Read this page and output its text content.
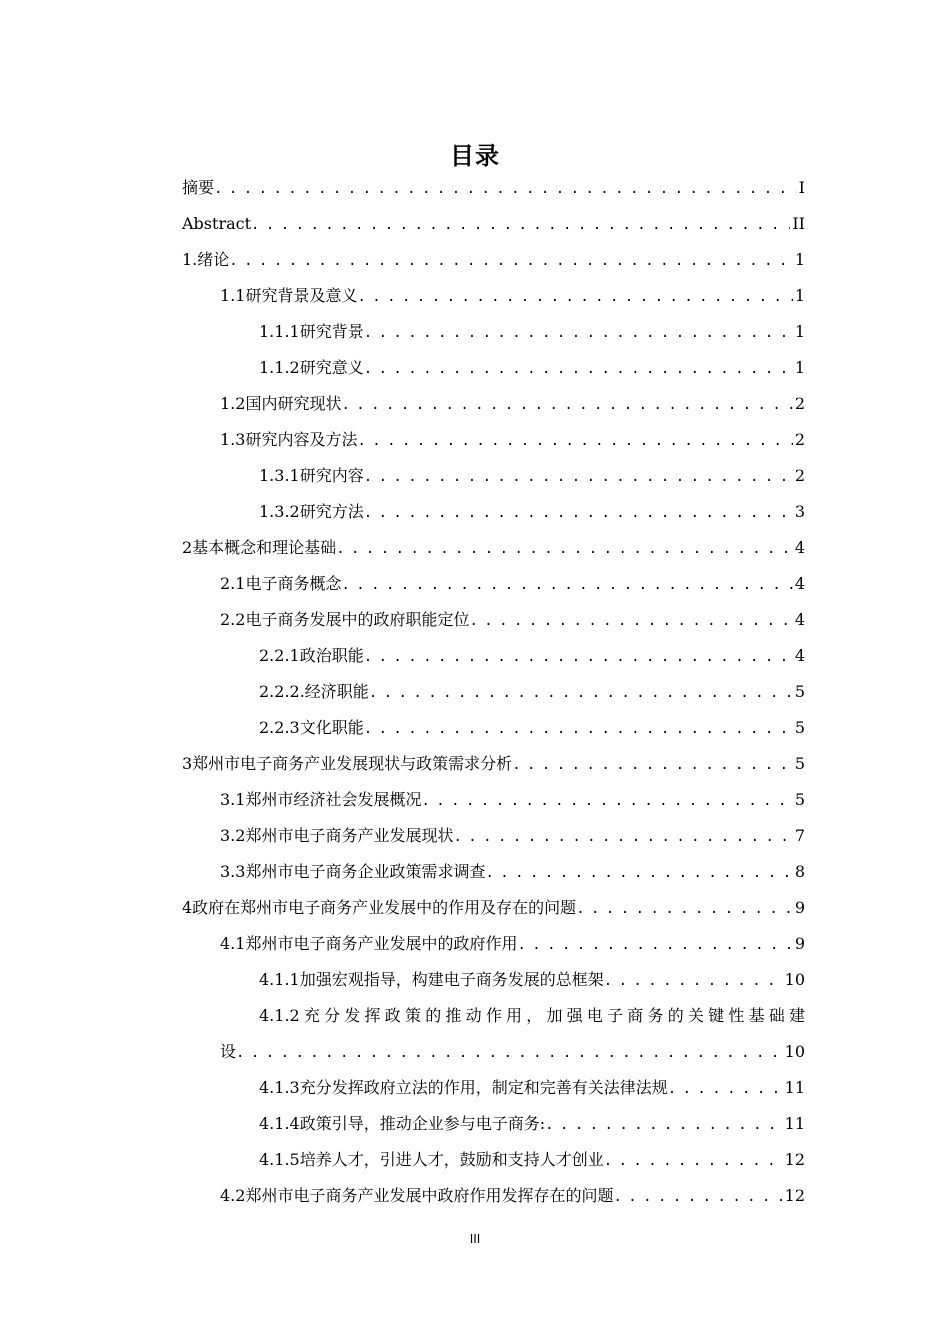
目录
摘要 . . .	I
Abstract . . .	II
1.绪论 . . .	1
1.1研究背景及意义 . . .	1
1.1.1研究背景 . . .	1
1.1.2研究意义 . . .	1
1.2国内研究现状 . . .	2
1.3研究内容及方法 . . .	2
1.3.1研究内容 . . .	2
1.3.2研究方法 . . .	3
2基本概念和理论基础 . . .	4
2.1电子商务概念 . . .	4
2.2电子商务发展中的政府职能定位 . . .	4
2.2.1政治职能 . . .	4
2.2.2.经济职能 . . .	5
2.2.3文化职能 . . .	5
3郑州市电子商务产业发展现状与政策需求分析 . . .	5
3.1郑州市经济社会发展概况 . . .	5
3.2郑州市电子商务产业发展现状 . . .	7
3.3郑州市电子商务企业政策需求调查 . . .	8
4政府在郑州市电子商务产业发展中的作用及存在的问题 . . .	9
4.1郑州市电子商务产业发展中的政府作用 . . .	9
4.1.1加强宏观指导，构建电子商务发展的总框架 . . .	10
4.1.2充分发挥政策的推动作用，加强电子商务的关键性基础建
设 . . .	10
4.1.3充分发挥政府立法的作用，制定和完善有关法律法规 . . .	11
4.1.4政策引导，推动企业参与电子商务: . . .	11
4.1.5培养人才，引进人才，鼓励和支持人才创业 . . .	12
4.2郑州市电子商务产业发展中政府作用发挥存在的问题 . . .	12
III
